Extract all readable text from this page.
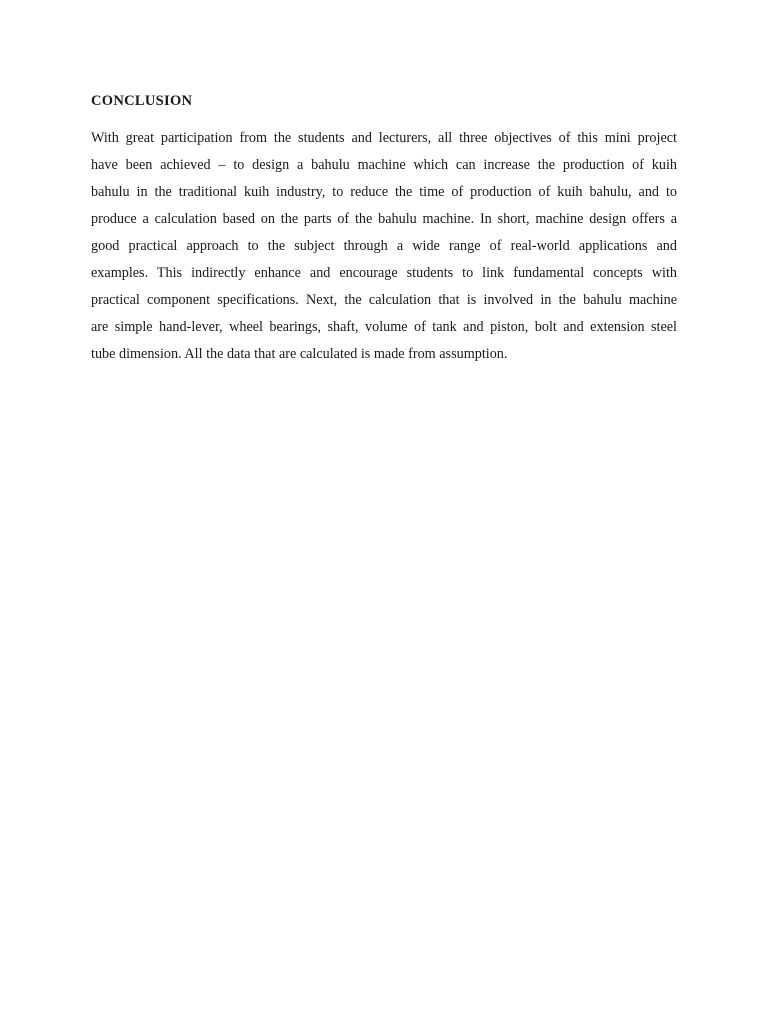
CONCLUSION
With great participation from the students and lecturers, all three objectives of this mini project
have been achieved – to design a bahulu machine which can increase the production of kuih
bahulu in the traditional kuih industry, to reduce the time of production of kuih bahulu, and to
produce a calculation based on the parts of the bahulu machine. In short, machine design offers a
good practical approach to the subject through a wide range of real-world applications and
examples. This indirectly enhance and encourage students to link fundamental concepts with
practical component specifications. Next, the calculation that is involved in the bahulu machine
are simple hand-lever, wheel bearings, shaft, volume of tank and piston, bolt and extension steel
tube dimension. All the data that are calculated is made from assumption.
